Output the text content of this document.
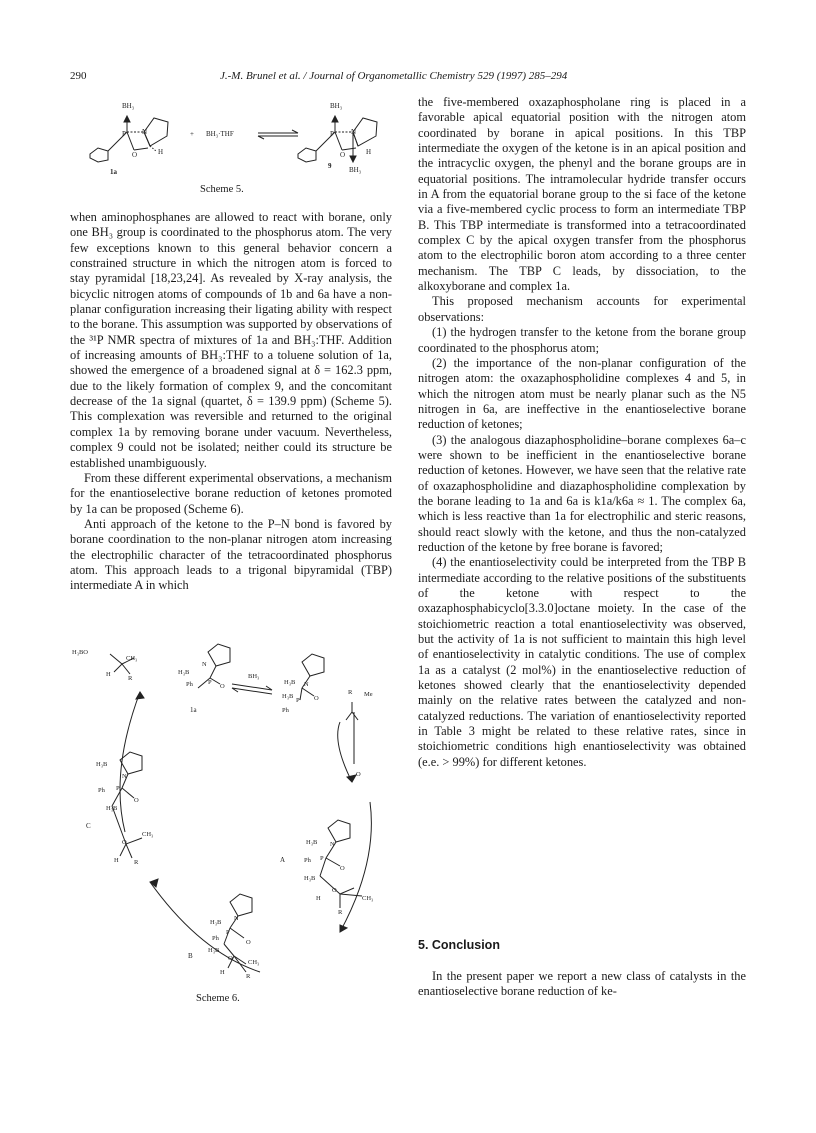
290	J.-M. Brunel et al. / Journal of Organometallic Chemistry 529 (1997) 285–294
BH₃
P N
O	H
+ BH₃·THF
BH₃
P N
O	H
BH₃
1a
9
Scheme 5.

when aminophosphanes are allowed to react with borane, only one BH₃ group is coordinated to the phosphorus atom. The very few exceptions known to this general behavior concern a constrained structure in which the nitrogen atom is forced to stay pyramidal [18,23,24]. As revealed by X-ray analysis, the bicyclic nitrogen atoms of compounds of 1b and 6a have a non-planar configuration increasing their ligating ability with respect to the borane. This assumption was supported by observations of the ³¹P NMR spectra of mixtures of 1a and BH₃:THF. Addition of increasing amounts of BH₃:THF to a toluene solution of 1a, showed the emergence of a broadened signal at δ = 162.3 ppm, due to the likely formation of complex 9, and the concomitant decrease of the 1a signal (quartet, δ = 139.9 ppm) (Scheme 5). This complexation was reversible and returned to the original complex 1a by removing borane under vacuum. Nevertheless, complex 9 could not be isolated; neither could its structure be established unambiguously.

From these different experimental observations, a mechanism for the enantioselective borane reduction of ketones promoted by 1a can be proposed (Scheme 6).

Anti approach of the ketone to the P–N bond is favored by borane coordination to the non-planar nitrogen atom increasing the electrophilic character of the tetracoordinated phosphorus atom. This approach leads to a trigonal bipyramidal (TBP) intermediate A in which

H₃B
N
Ph P
O
BH₃
H₃B
H₃B
Ph
N
P O
R Me
O
H₃BO
CH₃
H
R
H₃B
N
Ph P
O
H₃B
O
CH₃
H R
H₃B N
Ph P
O
H₃B
O
CH₃
H
R
H₃B
N
Ph
P
O
H₃B
O
CH₃
H
R
1a
A
B
C
Scheme 6.

the five-membered oxazaphospholane ring is placed in a favorable apical equatorial position with the nitrogen atom coordinated by borane in apical positions. In this TBP intermediate the oxygen of the ketone is in an apical position and the intracyclic oxygen, the phenyl and the borane groups are in equatorial positions. The intramolecular hydride transfer occurs in A from the equatorial borane group to the si face of the ketone via a five-membered cyclic process to form an intermediate TBP B. This TBP intermediate is transformed into a tetracoordinated complex C by the apical oxygen transfer from the phosphorus atom to the electrophilic boron atom according to a three center mechanism. The TBP C leads, by dissociation, to the alkoxyborane and complex 1a.

This proposed mechanism accounts for experimental observations:

(1) the hydrogen transfer to the ketone from the borane group coordinated to the phosphorus atom;

(2) the importance of the non-planar configuration of the nitrogen atom: the oxazaphospholidine complexes 4 and 5, in which the nitrogen atom must be nearly planar such as the N5 nitrogen in 6a, are ineffective in the enantioselective borane reduction of ketones;

(3) the analogous diazaphospholidine–borane complexes 6a–c were shown to be inefficient in the enantioselective borane reduction of ketones. However, we have seen that the relative rate of oxazaphospholidine and diazaphospholidine complexation by the borane leading to 1a and 6a is k1a/k6a ≈ 1. The complex 6a, which is less reactive than 1a for electrophilic and steric reasons, should react slowly with the ketone, and thus the non-catalyzed reduction of the ketone by free borane is favored;

(4) the enantioselectivity could be interpreted from the TBP B intermediate according to the relative positions of the substituents of the ketone with respect to the oxazaphosphabicyclo[3.3.0]octane moiety. In the case of the stoichiometric reaction a total enantioselectivity was observed, but the activity of 1a is not sufficient to maintain this high level of enantioselectivity in catalytic conditions. The use of complex 1a as a catalyst (2 mol%) in the enantioselective reduction of ketones showed clearly that the enantioselectivity depended mainly on the relative rates between the catalyzed and non-catalyzed reductions. The variation of enantioselectivity reported in Table 3 might be related to these relative rates, since in stoichiometric conditions high enantioselectivity was obtained (e.e. > 99%) for different ketones.

5. Conclusion
In the present paper we report a new class of catalysts in the enantioselective borane reduction of ke-
